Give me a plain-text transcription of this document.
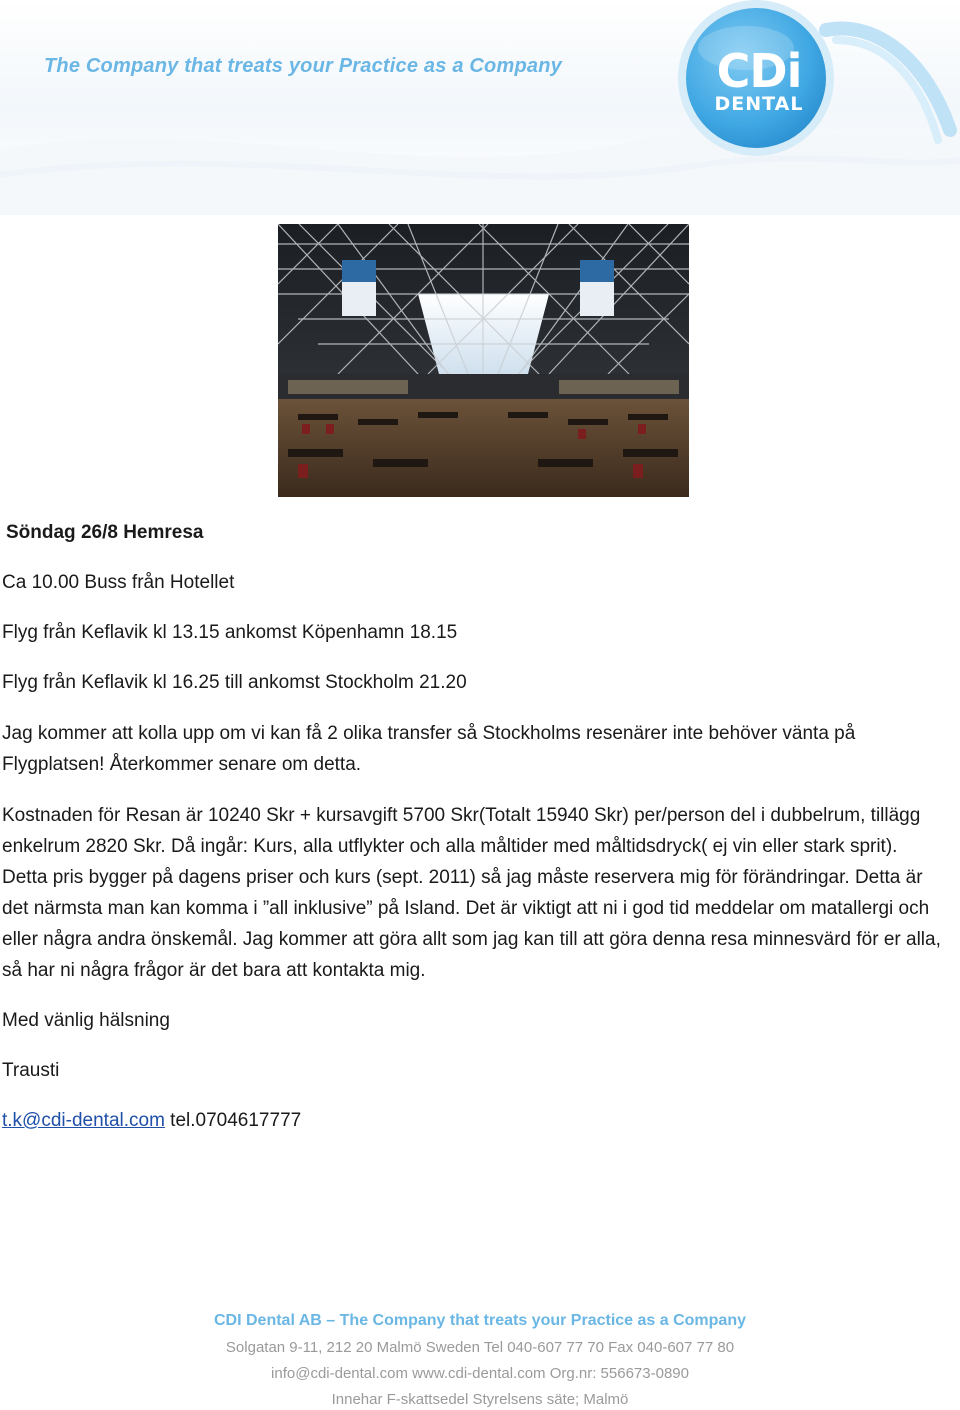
The Company that treats your Practice as a Company	CDi
DENTAL
Söndag 26/8 Hemresa
Ca 10.00 Buss från Hotellet
Flyg från Keflavik kl 13.15 ankomst Köpenhamn 18.15
Flyg från Keflavik kl 16.25 till ankomst Stockholm 21.20
Jag kommer att kolla upp om vi kan få 2 olika transfer så Stockholms resenärer inte behöver vänta på Flygplatsen! Återkommer senare om detta.
Kostnaden för Resan är 10240 Skr + kursavgift 5700 Skr(Totalt 15940 Skr) per/person del i dubbelrum, tillägg enkelrum 2820 Skr. Då ingår: Kurs, alla utflykter och alla måltider med måltidsdryck( ej vin eller stark sprit). Detta pris bygger på dagens priser och kurs (sept. 2011) så jag måste reservera mig för förändringar. Detta är det närmsta man kan komma i ”all inklusive” på Island. Det är viktigt att ni i god tid meddelar om matallergi och eller några andra önskemål. Jag kommer att göra allt som jag kan till att göra denna resa minnesvärd för er alla, så har ni några frågor är det bara att kontakta mig.
Med vänlig hälsning
Trausti
t.k@cdi-dental.com tel.0704617777
CDI Dental AB – The Company that treats your Practice as a Company
Solgatan 9-11, 212 20 Malmö Sweden Tel 040-607 77 70 Fax 040-607 77 80
info@cdi-dental.com www.cdi-dental.com Org.nr: 556673-0890
Innehar F-skattsedel Styrelsens säte; Malmö
